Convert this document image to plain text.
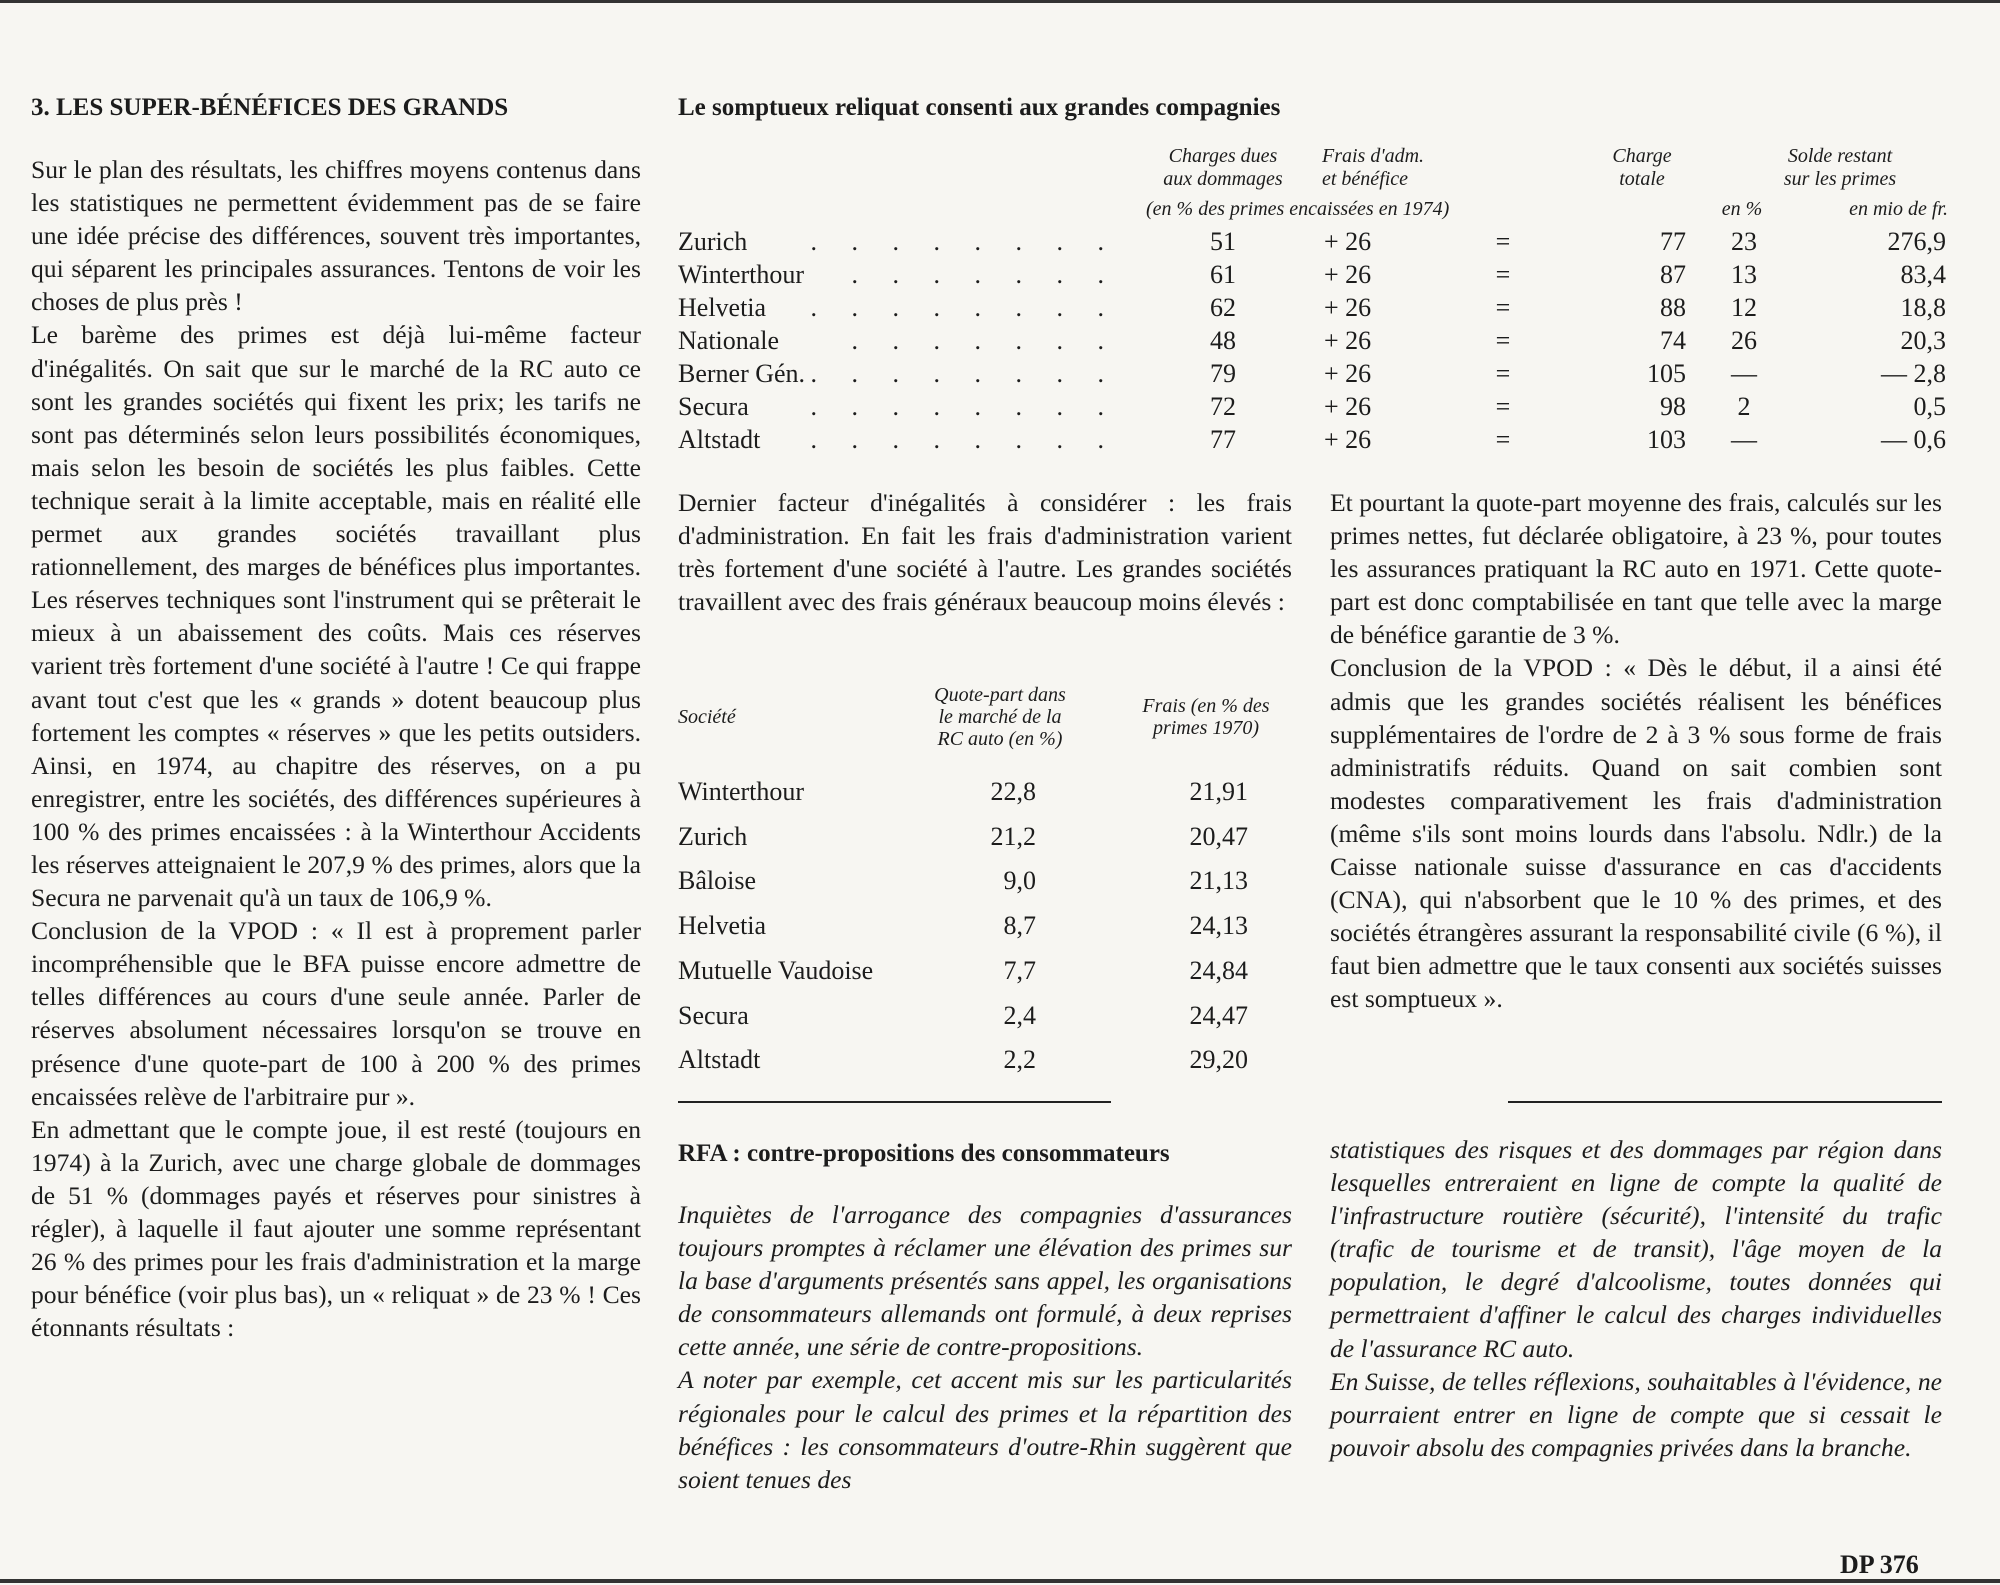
3. LES SUPER-BÉNÉFICES DES GRANDS

Sur le plan des résultats, les chiffres moyens contenus dans les statistiques ne permettent évidemment pas de se faire une idée précise des différences, souvent très importantes, qui séparent les principales assurances. Tentons de voir les choses de plus près !

Le barème des primes est déjà lui-même facteur d'inégalités. On sait que sur le marché de la RC auto ce sont les grandes sociétés qui fixent les prix; les tarifs ne sont pas déterminés selon leurs possibilités économiques, mais selon les besoin de sociétés les plus faibles. Cette technique serait à la limite acceptable, mais en réalité elle permet aux grandes sociétés travaillant plus rationnellement, des marges de bénéfices plus importantes. Les réserves techniques sont l'instrument qui se prêterait le mieux à un abaissement des coûts. Mais ces réserves varient très fortement d'une société à l'autre ! Ce qui frappe avant tout c'est que les « grands » dotent beaucoup plus fortement les comptes « réserves » que les petits outsiders. Ainsi, en 1974, au chapitre des réserves, on a pu enregistrer, entre les sociétés, des différences supérieures à 100 % des primes encaissées : à la Winterthour Accidents les réserves atteignaient le 207,9 % des primes, alors que la Secura ne parvenait qu'à un taux de 106,9 %.

Conclusion de la VPOD : « Il est à proprement parler incompréhensible que le BFA puisse encore admettre de telles différences au cours d'une seule année. Parler de réserves absolument nécessaires lorsqu'on se trouve en présence d'une quote-part de 100 à 200 % des primes encaissées relève de l'arbitraire pur ».

En admettant que le compte joue, il est resté (toujours en 1974) à la Zurich, avec une charge globale de dommages de 51 % (dommages payés et réserves pour sinistres à régler), à laquelle il faut ajouter une somme représentant 26 % des primes pour les frais d'administration et la marge pour bénéfice (voir plus bas), un « reliquat » de 23 % ! Ces étonnants résultats :

Le somptueux reliquat consenti aux grandes compagnies
Charges dues
aux dommages
Frais d'adm.
et bénéfice
(en % des primes encaissées en 1974)
Charge
totale
Solde restant
sur les primes
en %	en mio de fr.
Zurich	. . . . . . . .	51	+ 26	=	77	23	276,9
Winterthour	. . . . . . .	61	+ 26	=	87	13	83,4
Helvetia	. . . . . . . .	62	+ 26	=	88	12	18,8
Nationale	. . . . . . .	48	+ 26	=	74	26	20,3
Berner Gén. . . . . . . . .	79	+ 26	=	105	—	— 2,8
Secura	. . . . . . . .	72	+ 26	=	98	2	0,5
Altstadt	. . . . . . . .	77	+ 26	=	103	—	— 0,6

Dernier facteur d'inégalités à considérer : les frais d'administration. En fait les frais d'administration varient très fortement d'une société à l'autre. Les grandes sociétés travaillent avec des frais généraux beaucoup moins élevés :

Société
Quote-part dans
le marché de la
RC auto (en %)
Frais (en % des
primes 1970)
Winterthour	22,8	21,91
Zurich	21,2	20,47
Bâloise	9,0	21,13
Helvetia	8,7	24,13
Mutuelle Vaudoise	7,7	24,84
Secura	2,4	24,47
Altstadt	2,2	29,20

Et pourtant la quote-part moyenne des frais, calculés sur les primes nettes, fut déclarée obligatoire, à 23 %, pour toutes les assurances pratiquant la RC auto en 1971. Cette quote-part est donc comptabilisée en tant que telle avec la marge de bénéfice garantie de 3 %.

Conclusion de la VPOD : « Dès le début, il a ainsi été admis que les grandes sociétés réalisent les bénéfices supplémentaires de l'ordre de 2 à 3 % sous forme de frais administratifs réduits. Quand on sait combien sont modestes comparativement les frais d'administration (même s'ils sont moins lourds dans l'absolu. Ndlr.) de la Caisse nationale suisse d'assurance en cas d'accidents (CNA), qui n'absorbent que le 10 % des primes, et des sociétés étrangères assurant la responsabilité civile (6 %), il faut bien admettre que le taux consenti aux sociétés suisses est somptueux ».

RFA : contre-propositions des consommateurs

Inquiètes de l'arrogance des compagnies d'assurances toujours promptes à réclamer une élévation des primes sur la base d'arguments présentés sans appel, les organisations de consommateurs allemands ont formulé, à deux reprises cette année, une série de contre-propositions.

A noter par exemple, cet accent mis sur les particularités régionales pour le calcul des primes et la répartition des bénéfices : les consommateurs d'outre-Rhin suggèrent que soient tenues des

statistiques des risques et des dommages par région dans lesquelles entreraient en ligne de compte la qualité de l'infrastructure routière (sécurité), l'intensité du trafic (trafic de tourisme et de transit), l'âge moyen de la population, le degré d'alcoolisme, toutes données qui permettraient d'affiner le calcul des charges individuelles de l'assurance RC auto.

En Suisse, de telles réflexions, souhaitables à l'évidence, ne pourraient entrer en ligne de compte que si cessait le pouvoir absolu des compagnies privées dans la branche.

DP 376
